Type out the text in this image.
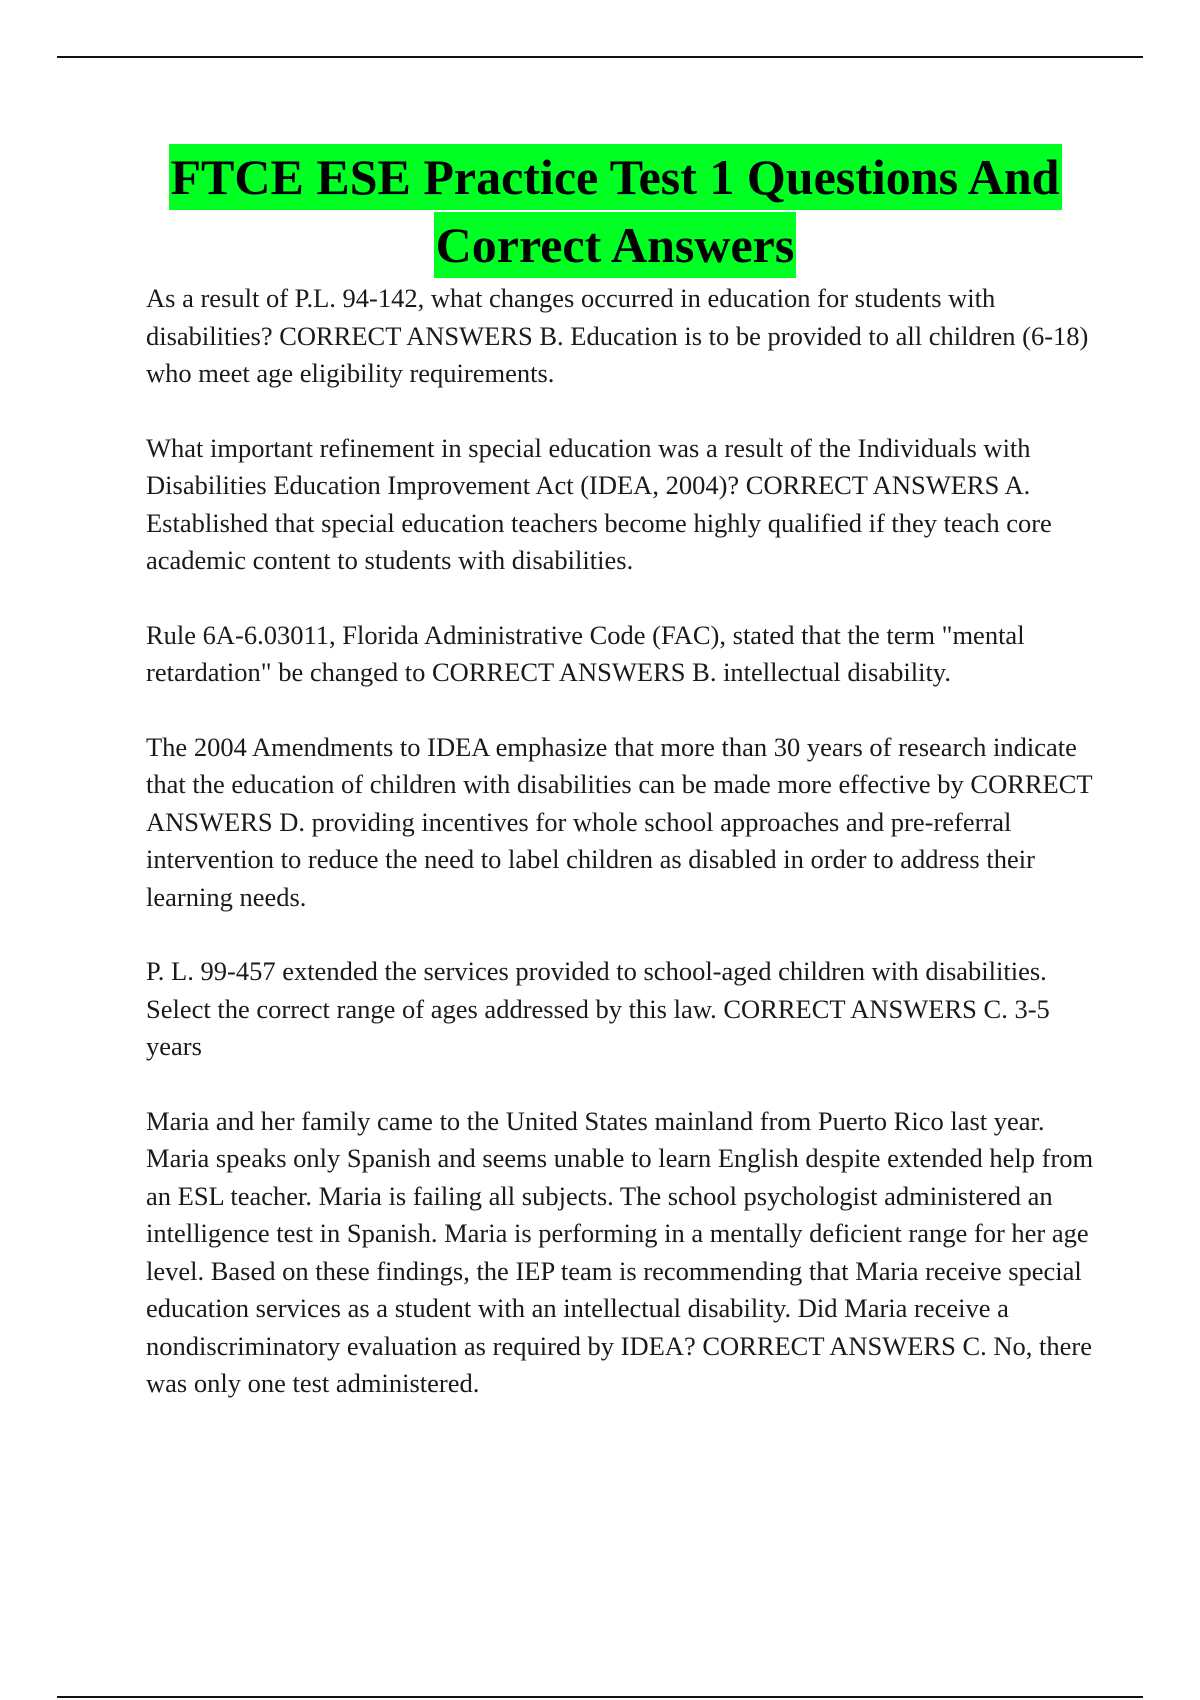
FTCE ESE Practice Test 1 Questions And
Correct Answers

As a result of P.L. 94-142, what changes occurred in education for students with disabilities? CORRECT ANSWERS B. Education is to be provided to all children (6-18) who meet age eligibility requirements.

What important refinement in special education was a result of the Individuals with Disabilities Education Improvement Act (IDEA, 2004)? CORRECT ANSWERS A. Established that special education teachers become highly qualified if they teach core academic content to students with disabilities.

Rule 6A-6.03011, Florida Administrative Code (FAC), stated that the term "mental retardation" be changed to CORRECT ANSWERS B. intellectual disability.

The 2004 Amendments to IDEA emphasize that more than 30 years of research indicate that the education of children with disabilities can be made more effective by CORRECT ANSWERS D. providing incentives for whole school approaches and pre-referral intervention to reduce the need to label children as disabled in order to address their learning needs.

P. L. 99-457 extended the services provided to school-aged children with disabilities. Select the correct range of ages addressed by this law. CORRECT ANSWERS C. 3-5 years

Maria and her family came to the United States mainland from Puerto Rico last year. Maria speaks only Spanish and seems unable to learn English despite extended help from an ESL teacher. Maria is failing all subjects. The school psychologist administered an intelligence test in Spanish. Maria is performing in a mentally deficient range for her age level. Based on these findings, the IEP team is recommending that Maria receive special education services as a student with an intellectual disability. Did Maria receive a nondiscriminatory evaluation as required by IDEA? CORRECT ANSWERS C. No, there was only one test administered.
